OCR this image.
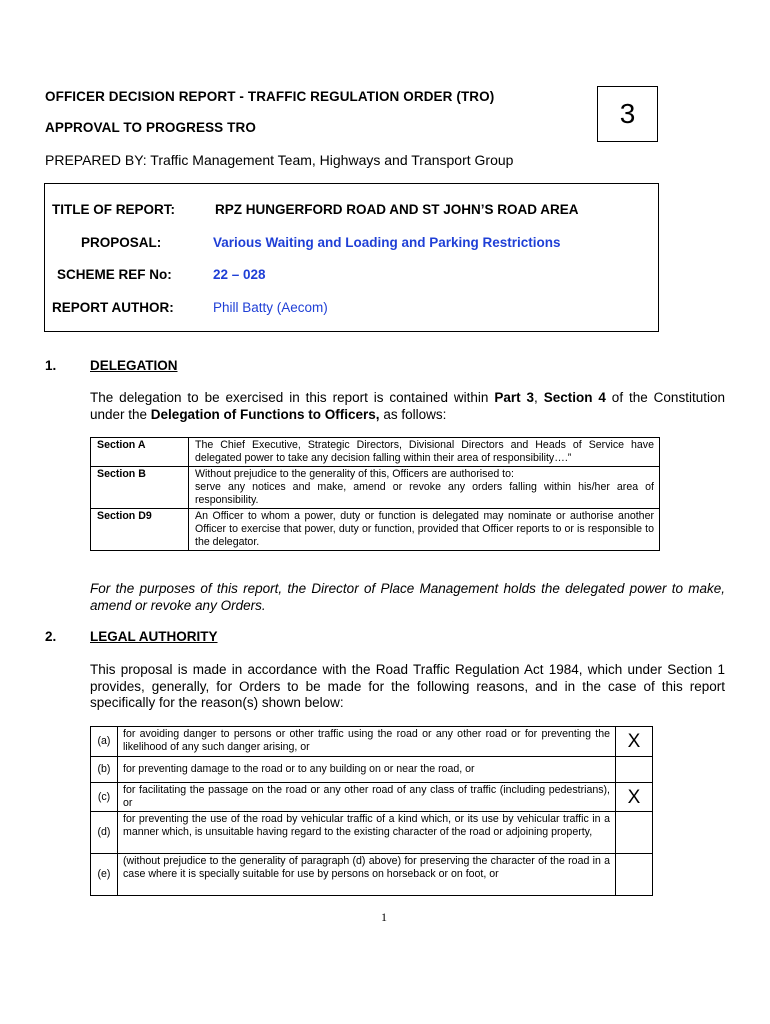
OFFICER DECISION REPORT - TRAFFIC REGULATION ORDER (TRO)
APPROVAL TO PROGRESS TRO
PREPARED BY: Traffic Management Team, Highways and Transport Group
3
TITLE OF REPORT:	RPZ HUNGERFORD ROAD AND ST JOHN’S ROAD AREA
PROPOSAL:	Various Waiting and Loading and Parking Restrictions
SCHEME REF No:	22 – 028
REPORT AUTHOR:	Phill Batty (Aecom)
1. DELEGATION
The delegation to be exercised in this report is contained within Part 3, Section 4 of the Constitution under the Delegation of Functions to Officers, as follows:
Section A	The Chief Executive, Strategic Directors, Divisional Directors and Heads of Service have delegated power to take any decision falling within their area of responsibility….”
Section B	Without prejudice to the generality of this, Officers are authorised to:
serve any notices and make, amend or revoke any orders falling within his/her area of responsibility.

Section D9	An Officer to whom a power, duty or function is delegated may nominate or authorise another Officer to exercise that power, duty or function, provided that Officer reports to or is responsible to the delegator.
For the purposes of this report, the Director of Place Management holds the delegated power to make, amend or revoke any Orders.
2. LEGAL AUTHORITY
This proposal is made in accordance with the Road Traffic Regulation Act 1984, which under Section 1 provides, generally, for Orders to be made for the following reasons, and in the case of this report specifically for the reason(s) shown below:
(a)	for avoiding danger to persons or other traffic using the road or any other road or for preventing the likelihood of any such danger arising, or	X
(b)	for preventing damage to the road or to any building on or near the road, or	
(c)	for facilitating the passage on the road or any other road of any class of traffic (including pedestrians), or	X
(d)	for preventing the use of the road by vehicular traffic of a kind which, or its use by vehicular traffic in a manner which, is unsuitable having regard to the existing character of the road or adjoining property,	
(e)	(without prejudice to the generality of paragraph (d) above) for preserving the character of the road in a case where it is specially suitable for use by persons on horseback or on foot, or	
1
